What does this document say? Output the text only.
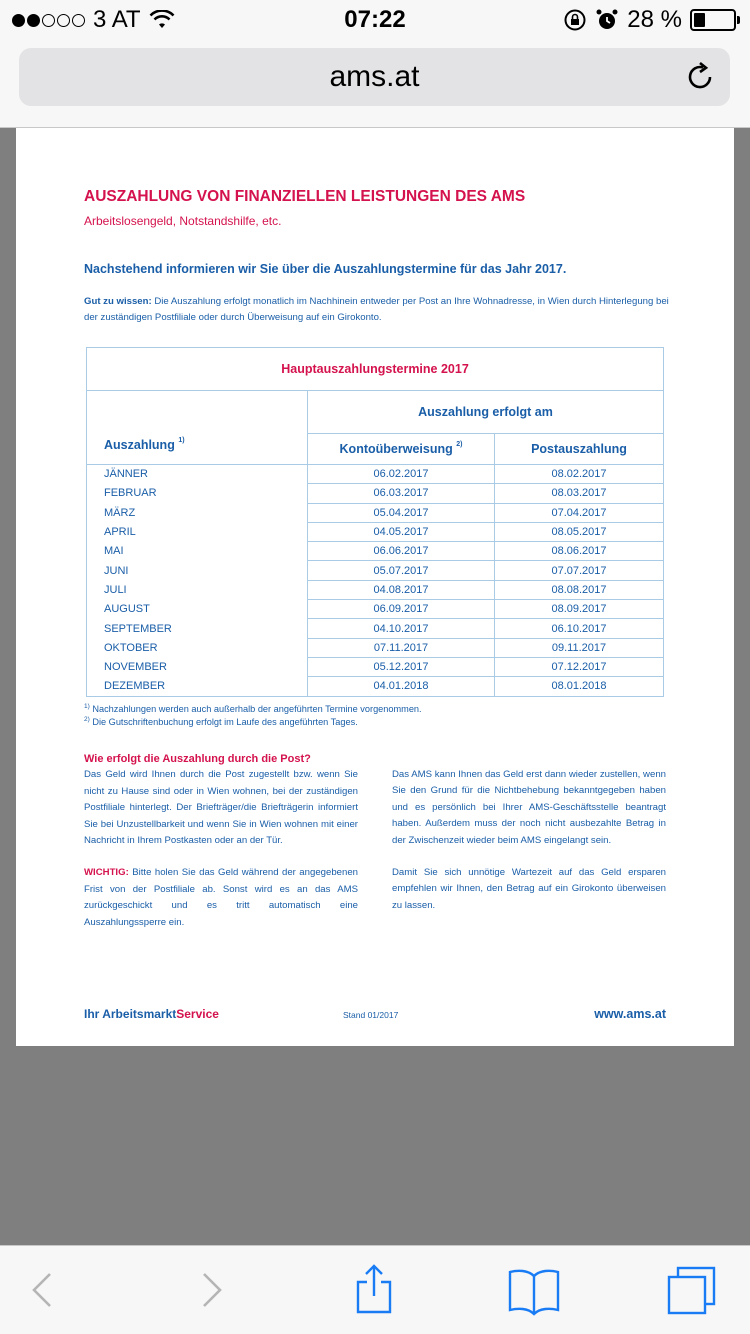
3 AT	07:22	28 %
ams.at
AUSZAHLUNG VON FINANZIELLEN LEISTUNGEN DES AMS
Arbeitslosengeld, Notstandshilfe, etc.
Nachstehend informieren wir Sie über die Auszahlungstermine für das Jahr 2017.
Gut zu wissen: Die Auszahlung erfolgt monatlich im Nachhinein entweder per Post an Ihre Wohnadresse, in Wien durch Hinterlegung bei der zuständigen Postfiliale oder durch Überweisung auf ein Girokonto.
Hauptauszahlungstermine 2017		
Auszahlung $^{1)}$	Auszahlung erfolgt am	
	Kontoüberweisung $^{2)}$	Postauszahlung
JÄNNER	06.02.2017	08.02.2017
FEBRUAR	06.03.2017	08.03.2017
MÄRZ	05.04.2017	07.04.2017
APRIL	04.05.2017	08.05.2017
MAI	06.06.2017	08.06.2017
JUNI	05.07.2017	07.07.2017
JULI	04.08.2017	08.08.2017
AUGUST	06.09.2017	08.09.2017
SEPTEMBER	04.10.2017	06.10.2017
OKTOBER	07.11.2017	09.11.2017
NOVEMBER	05.12.2017	07.12.2017
DEZEMBER	04.01.2018	08.01.2018
$^{1)}$ Nachzahlungen werden auch außerhalb der angeführten Termine vorgenommen.
$^{2)}$ Die Gutschriftenbuchung erfolgt im Laufe des angeführten Tages.
Wie erfolgt die Auszahlung durch die Post?
Das Geld wird Ihnen durch die Post zugestellt bzw. wenn Sie nicht zu Hause sind oder in Wien wohnen, bei der zuständigen Postfiliale hinterlegt. Der Briefträger/die Briefträgerin informiert Sie bei Unzustellbarkeit und wenn Sie in Wien wohnen mit einer Nachricht in Ihrem Postkasten oder an der Tür.
WICHTIG: Bitte holen Sie das Geld während der angegebenen Frist von der Postfiliale ab. Sonst wird es an das AMS zurückgeschickt und es tritt automatisch eine Auszahlungssperre ein.
Das AMS kann Ihnen das Geld erst dann wieder zustellen, wenn Sie den Grund für die Nichtbehebung bekanntgegeben haben und es persönlich bei Ihrer AMS-Geschäftsstelle beantragt haben. Außerdem muss der noch nicht ausbezahlte Betrag in der Zwischenzeit wieder beim AMS eingelangt sein.
Damit Sie sich unnötige Wartezeit auf das Geld ersparen empfehlen wir Ihnen, den Betrag auf ein Girokonto überweisen zu lassen.
Ihr ArbeitsmarktService	Stand 01/2017	www.ams.at
